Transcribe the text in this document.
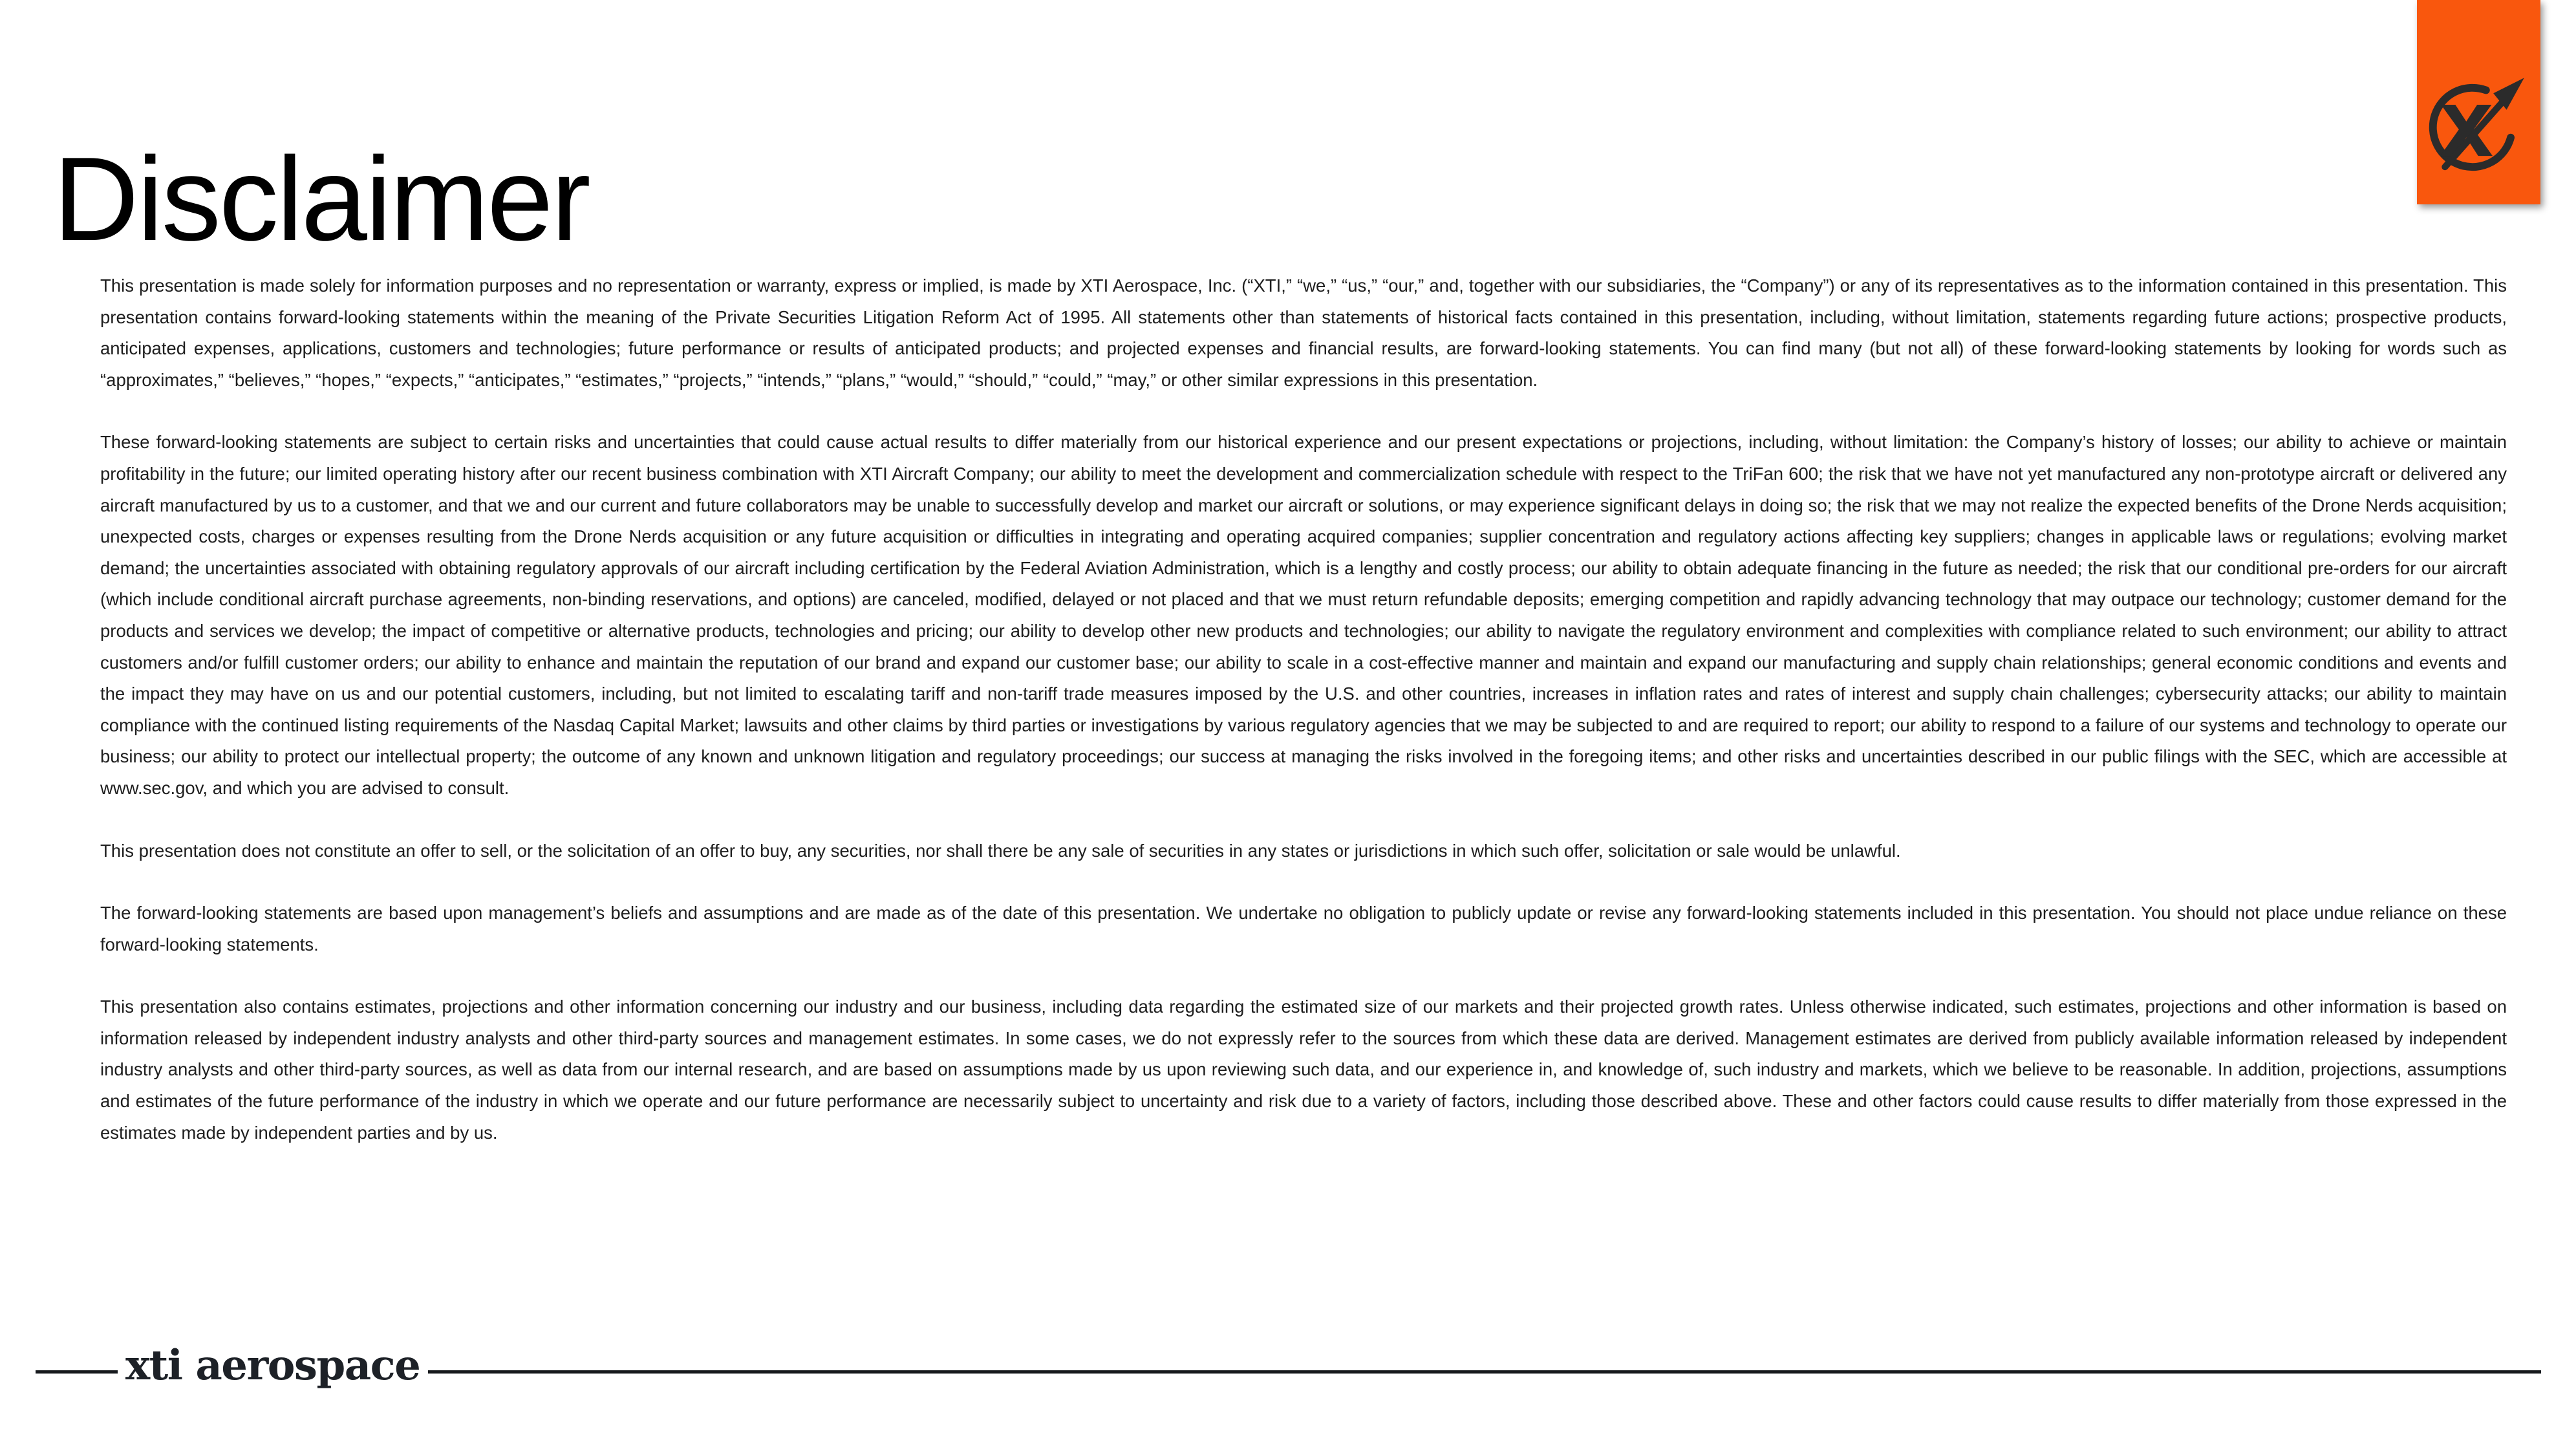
Disclaimer
x

This presentation is made solely for information purposes and no representation or warranty, express or implied, is made by XTI Aerospace, Inc. (“XTI,” “we,” “us,” “our,” and, together with our subsidiaries, the “Company”) or any of its representatives as to the information contained in this presentation. This presentation contains forward-looking statements within the meaning of the Private Securities Litigation Reform Act of 1995. All statements other than statements of historical facts contained in this presentation, including, without limitation, statements regarding future actions; prospective products, anticipated expenses, applications, customers and technologies; future performance or results of anticipated products; and projected expenses and financial results, are forward-looking statements. You can find many (but not all) of these forward-looking statements by looking for words such as “approximates,” “believes,” “hopes,” “expects,” “anticipates,” “estimates,” “projects,” “intends,” “plans,” “would,” “should,” “could,” “may,” or other similar expressions in this presentation.

These forward-looking statements are subject to certain risks and uncertainties that could cause actual results to differ materially from our historical experience and our present expectations or projections, including, without limitation: the Company’s history of losses; our ability to achieve or maintain profitability in the future; our limited operating history after our recent business combination with XTI Aircraft Company; our ability to meet the development and commercialization schedule with respect to the TriFan 600; the risk that we have not yet manufactured any non-prototype aircraft or delivered any aircraft manufactured by us to a customer, and that we and our current and future collaborators may be unable to successfully develop and market our aircraft or solutions, or may experience significant delays in doing so; the risk that we may not realize the expected benefits of the Drone Nerds acquisition; unexpected costs, charges or expenses resulting from the Drone Nerds acquisition or any future acquisition or difficulties in integrating and operating acquired companies; supplier concentration and regulatory actions affecting key suppliers; changes in applicable laws or regulations; evolving market demand; the uncertainties associated with obtaining regulatory approvals of our aircraft including certification by the Federal Aviation Administration, which is a lengthy and costly process; our ability to obtain adequate financing in the future as needed; the risk that our conditional pre-orders for our aircraft (which include conditional aircraft purchase agreements, non-binding reservations, and options) are canceled, modified, delayed or not placed and that we must return refundable deposits; emerging competition and rapidly advancing technology that may outpace our technology; customer demand for the products and services we develop; the impact of competitive or alternative products, technologies and pricing; our ability to develop other new products and technologies; our ability to navigate the regulatory environment and complexities with compliance related to such environment; our ability to attract customers and/or fulfill customer orders; our ability to enhance and maintain the reputation of our brand and expand our customer base; our ability to scale in a cost-effective manner and maintain and expand our manufacturing and supply chain relationships; general economic conditions and events and the impact they may have on us and our potential customers, including, but not limited to escalating tariff and non-tariff trade measures imposed by the U.S. and other countries, increases in inflation rates and rates of interest and supply chain challenges; cybersecurity attacks; our ability to maintain compliance with the continued listing requirements of the Nasdaq Capital Market; lawsuits and other claims by third parties or investigations by various regulatory agencies that we may be subjected to and are required to report; our ability to respond to a failure of our systems and technology to operate our business; our ability to protect our intellectual property; the outcome of any known and unknown litigation and regulatory proceedings; our success at managing the risks involved in the foregoing items; and other risks and uncertainties described in our public filings with the SEC, which are accessible at www.sec.gov, and which you are advised to consult.

This presentation does not constitute an offer to sell, or the solicitation of an offer to buy, any securities, nor shall there be any sale of securities in any states or jurisdictions in which such offer, solicitation or sale would be unlawful.

The forward-looking statements are based upon management’s beliefs and assumptions and are made as of the date of this presentation. We undertake no obligation to publicly update or revise any forward-looking statements included in this presentation. You should not place undue reliance on these forward-looking statements.

This presentation also contains estimates, projections and other information concerning our industry and our business, including data regarding the estimated size of our markets and their projected growth rates. Unless otherwise indicated, such estimates, projections and other information is based on information released by independent industry analysts and other third-party sources and management estimates. In some cases, we do not expressly refer to the sources from which these data are derived. Management estimates are derived from publicly available information released by independent industry analysts and other third-party sources, as well as data from our internal research, and are based on assumptions made by us upon reviewing such data, and our experience in, and knowledge of, such industry and markets, which we believe to be reasonable. In addition, projections, assumptions and estimates of the future performance of the industry in which we operate and our future performance are necessarily subject to uncertainty and risk due to a variety of factors, including those described above. These and other factors could cause results to differ materially from those expressed in the estimates made by independent parties and by us.

xti aerospace
